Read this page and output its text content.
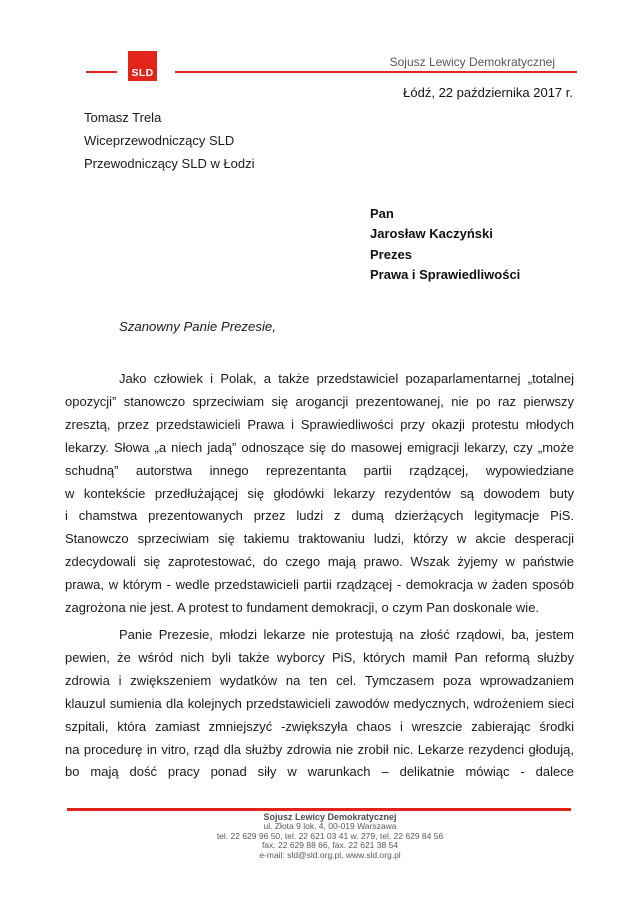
SLD
Sojusz Lewicy Demokratycznej
Łódź, 22 października 2017 r.
Tomasz Trela
Wiceprzewodniczący SLD
Przewodniczący SLD w Łodzi
Pan
Jarosław Kaczyński
Prezes
Prawa i Sprawiedliwości
Szanowny Panie Prezesie,
Jako człowiek i Polak, a także przedstawiciel pozaparlamentarnej „totalnej
opozycji” stanowczo sprzeciwiam się arogancji prezentowanej, nie po raz pierwszy
zresztą, przez przedstawicieli Prawa i Sprawiedliwości przy okazji protestu młodych
lekarzy. Słowa „a niech jadą” odnoszące się do masowej emigracji lekarzy, czy „może
schudną” autorstwa innego reprezentanta partii rządzącej, wypowiedziane
w kontekście przedłużającej się głodówki lekarzy rezydentów są dowodem buty
i chamstwa prezentowanych przez ludzi z dumą dzierżących legitymacje PiS.
Stanowczo sprzeciwiam się takiemu traktowaniu ludzi, którzy w akcie desperacji
zdecydowali się zaprotestować, do czego mają prawo. Wszak żyjemy w państwie
prawa, w którym - wedle przedstawicieli partii rządzącej - demokracja w żaden sposób
zagrożona nie jest. A protest to fundament demokracji, o czym Pan doskonale wie.
Panie Prezesie, młodzi lekarze nie protestują na złość rządowi, ba, jestem
pewien, że wśród nich byli także wyborcy PiS, których mamił Pan reformą służby
zdrowia i zwiększeniem wydatków na ten cel. Tymczasem poza wprowadzaniem
klauzul sumienia dla kolejnych przedstawicieli zawodów medycznych, wdrożeniem sieci
szpitali, która zamiast zmniejszyć -zwiększyła chaos i wreszcie zabierając środki
na procedurę in vitro, rząd dla służby zdrowia nie zrobił nic. Lekarze rezydenci głodują,
bo mają dość pracy ponad siły w warunkach – delikatnie mówiąc - dalece
Sojusz Lewicy Demokratycznej
ul. Złota 9 lok. 4, 00-019 Warszawa
tel. 22 629 96 50, tel. 22 621 03 41 w. 279, tel. 22 629 84 56
fax. 22 629 88 66, fax. 22 621 38 54
e-mail: sld@sld.org.pl, www.sld.org.pl
